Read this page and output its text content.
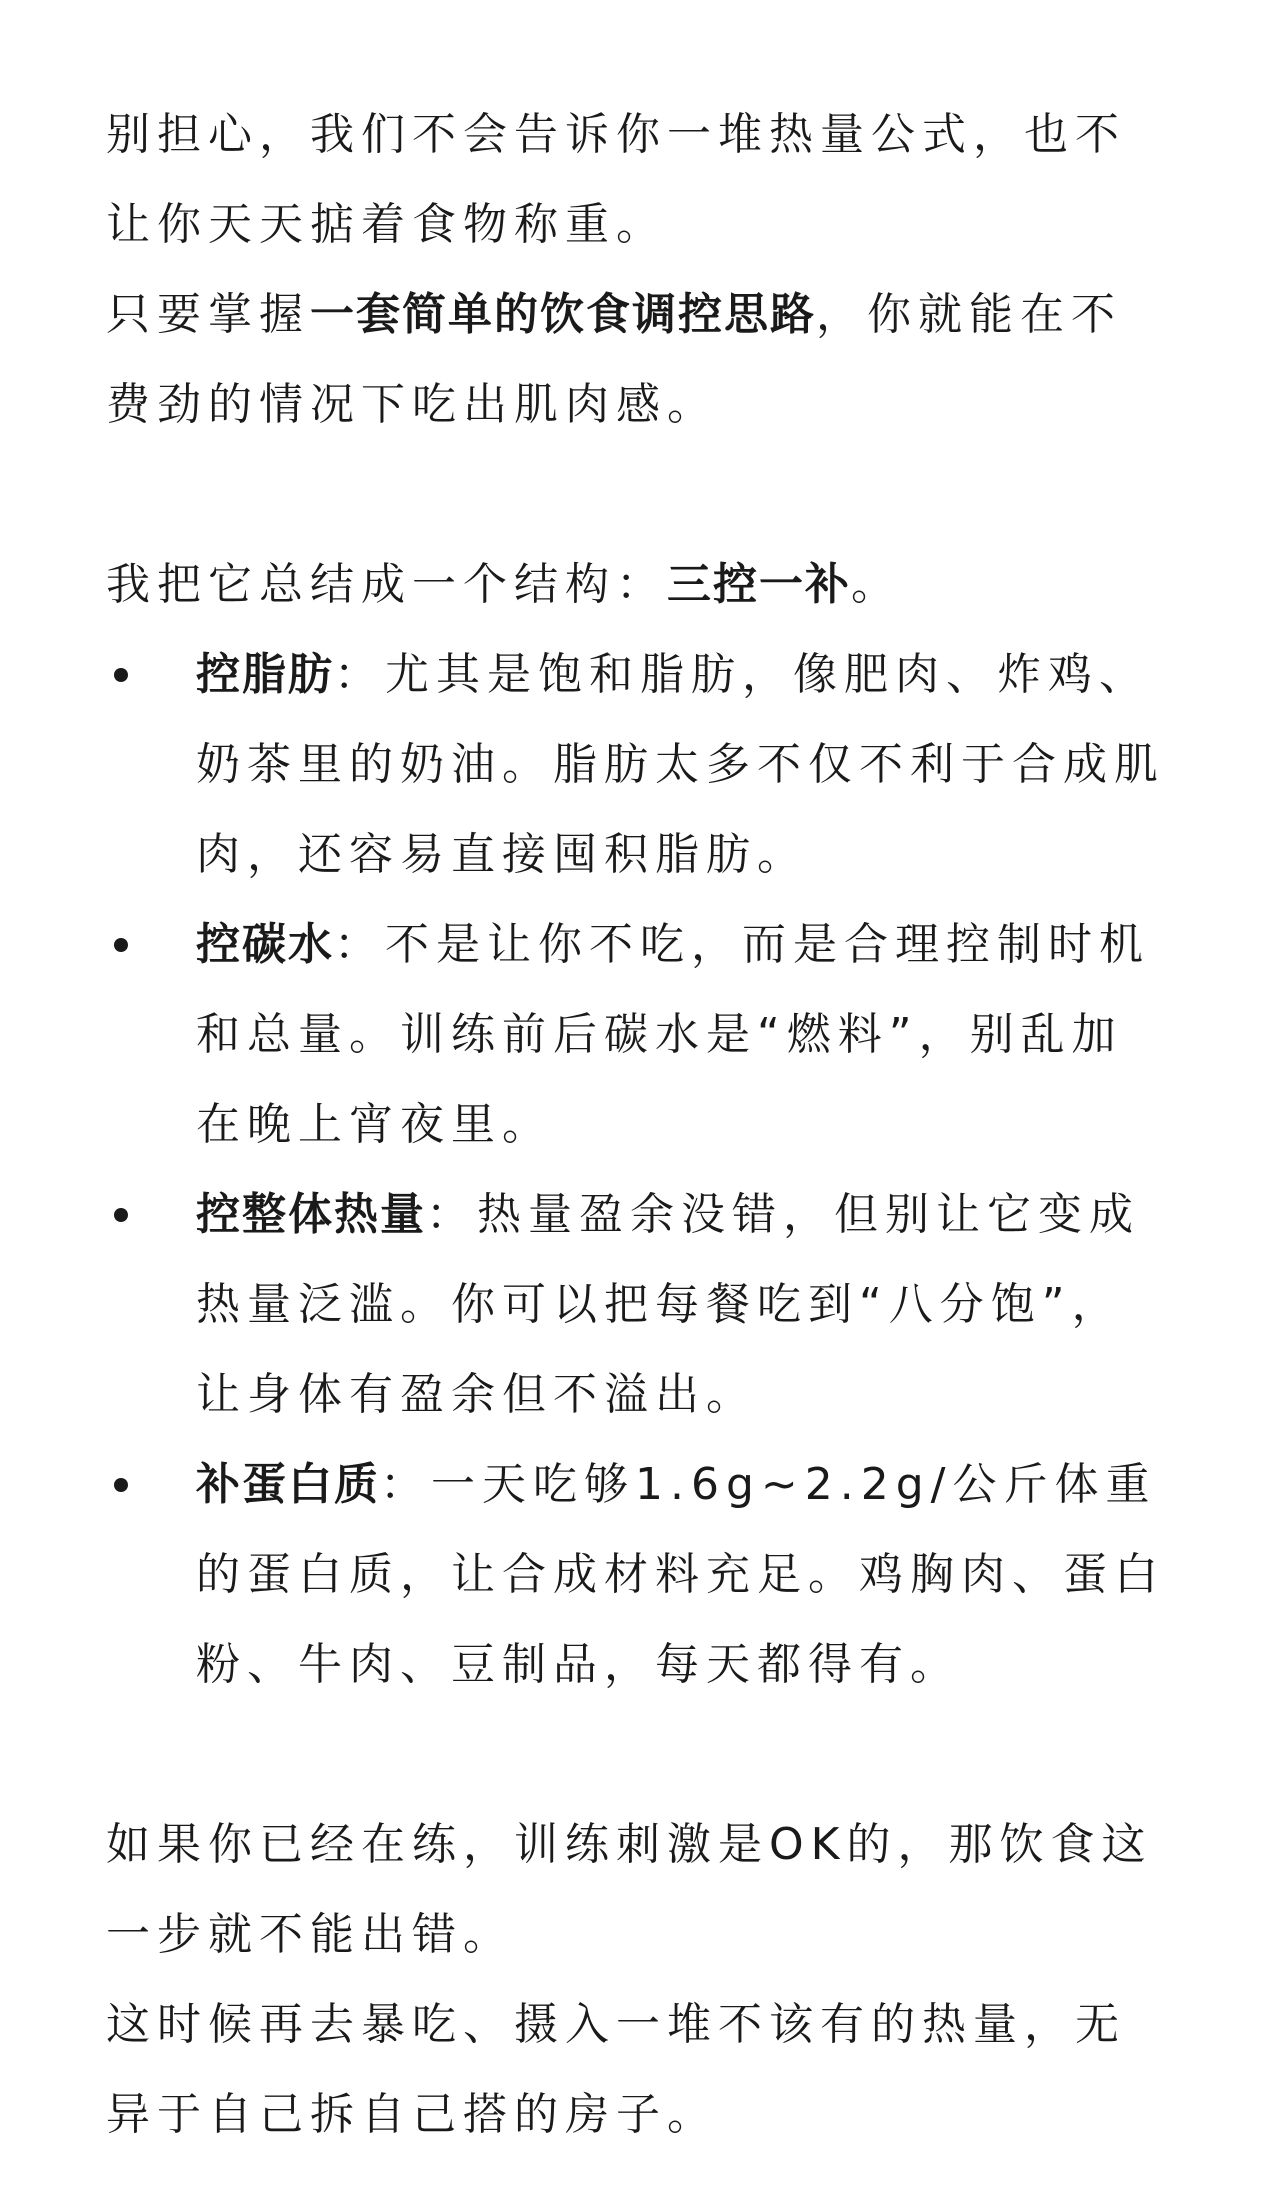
别担心，我们不会告诉你一堆热量公式，也不让你天天掂着食物称重。

只要掌握一套简单的饮食调控思路，你就能在不费劲的情况下吃出肌肉感。

我把它总结成一个结构：三控一补。

控脂肪：尤其是饱和脂肪，像肥肉、炸鸡、奶茶里的奶油。脂肪太多不仅不利于合成肌肉，还容易直接囤积脂肪。
控碳水：不是让你不吃，而是合理控制时机和总量。训练前后碳水是“燃料”，别乱加在晚上宵夜里。
控整体热量：热量盈余没错，但别让它变成热量泛滥。你可以把每餐吃到“八分饱”，让身体有盈余但不溢出。
补蛋白质：一天吃够1.6g~2.2g/公斤体重的蛋白质，让合成材料充足。鸡胸肉、蛋白粉、牛肉、豆制品，每天都得有。

如果你已经在练，训练刺激是OK的，那饮食这一步就不能出错。

这时候再去暴吃、摄入一堆不该有的热量，无异于自己拆自己搭的房子。
